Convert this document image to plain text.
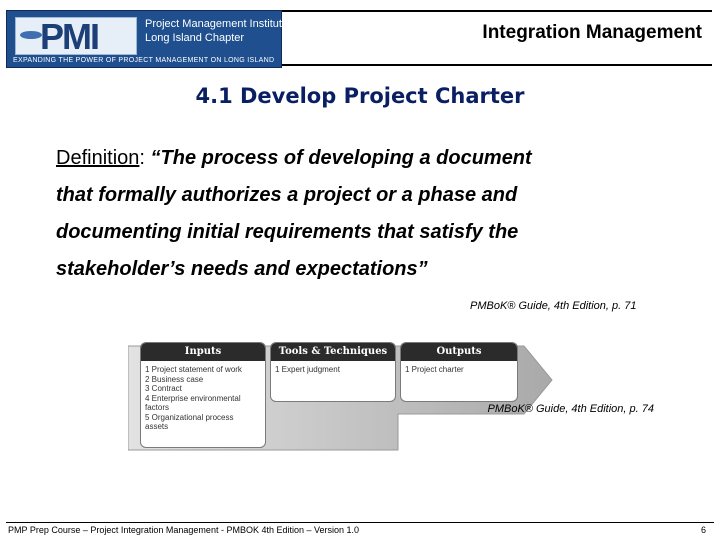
PMI	Project Management Institute
Long Island Chapter
EXPANDING THE POWER OF PROJECT MANAGEMENT ON LONG ISLAND
Integration Management
4.1 Develop Project Charter
Definition: “The process of developing a document
that formally authorizes a project or a phase and
documenting initial requirements that satisfy the
stakeholder’s needs and expectations”
PMBoK® Guide, 4th Edition, p. 71
Inputs
1 Project statement of work
2 Business case
3 Contract
4 Enterprise environmental
factors
5 Organizational process
assets
Tools & Techniques
1 Expert judgment
Outputs
1 Project charter
PMBoK® Guide, 4th Edition, p. 74
PMP Prep Course – Project Integration Management - PMBOK 4th Edition – Version 1.0	6
